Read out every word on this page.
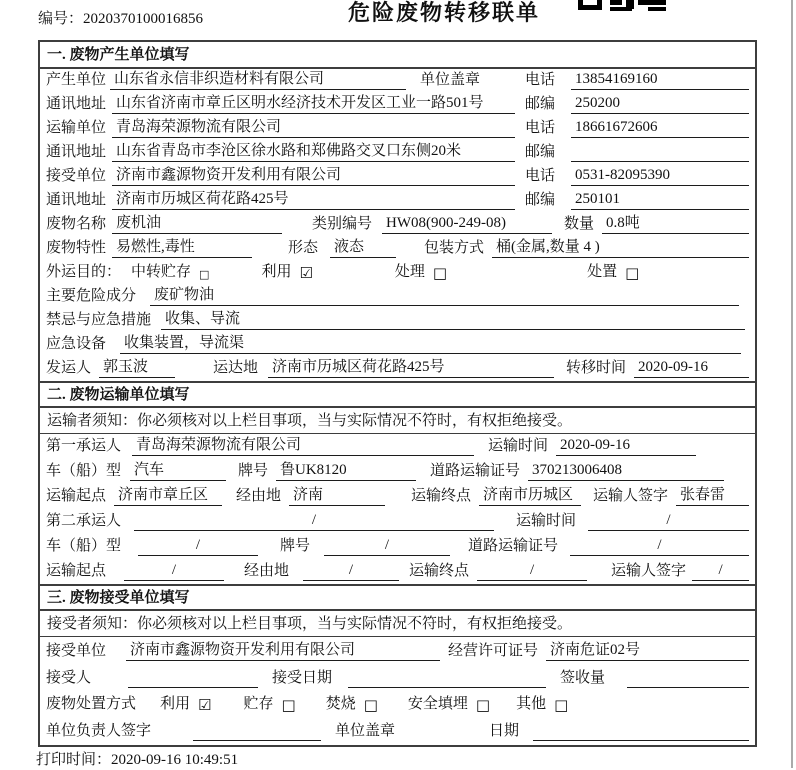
编号：2020370100016856	危险废物转移联单
一. 废物产生单位填写
产生单位 山东省永信非织造材料有限公司	单位盖章	电话	13854169160
通讯地址 山东省济南市章丘区明水经济技术开发区工业一路501号	邮编	250200
运输单位 青岛海荣源物流有限公司	电话	18661672606
通讯地址 山东省青岛市李沧区徐水路和郑佛路交叉口东侧20米	邮编
接受单位 济南市鑫源物资开发利用有限公司	电话	0531-82095390
通讯地址 济南市历城区荷花路425号	邮编	250101
废物名称 废机油	类别编号 HW08(900-249-08)	数量 0.8吨
废物特性 易燃性,毒性	形态 液态	包装方式 桶(金属,数量 4 )
外运目的： 中转贮存 □	利用 ☑	处理 □	处置 □
主要危险成分 废矿物油
禁忌与应急措施 收集、导流
应急设备 收集装置，导流渠
发运人 郭玉波	运达地 济南市历城区荷花路425号	转移时间 2020-09-16
二. 废物运输单位填写
运输者须知：你必须核对以上栏目事项，当与实际情况不符时，有权拒绝接受。
第一承运人 青岛海荣源物流有限公司	运输时间 2020-09-16
车（船）型 汽车	牌号 鲁UK8120	道路运输证号 370213006408
运输起点 济南市章丘区	经由地 济南	运输终点 济南市历城区	运输人签字 张春雷
第二承运人	/	运输时间	/
车（船）型	/	牌号	/	道路运输证号	/
运输起点	/	经由地	/	运输终点	/	运输人签字	/
三. 废物接受单位填写
接受者须知：你必须核对以上栏目事项，当与实际情况不符时，有权拒绝接受。
接受单位 济南市鑫源物资开发利用有限公司	经营许可证号 济南危证02号
接受人	接受日期	签收量
废物处置方式 利用 ☑ 贮存 □ 焚烧 □ 安全填埋 □ 其他 □
单位负责人签字	单位盖章	日期
打印时间：2020-09-16 10:49:51
